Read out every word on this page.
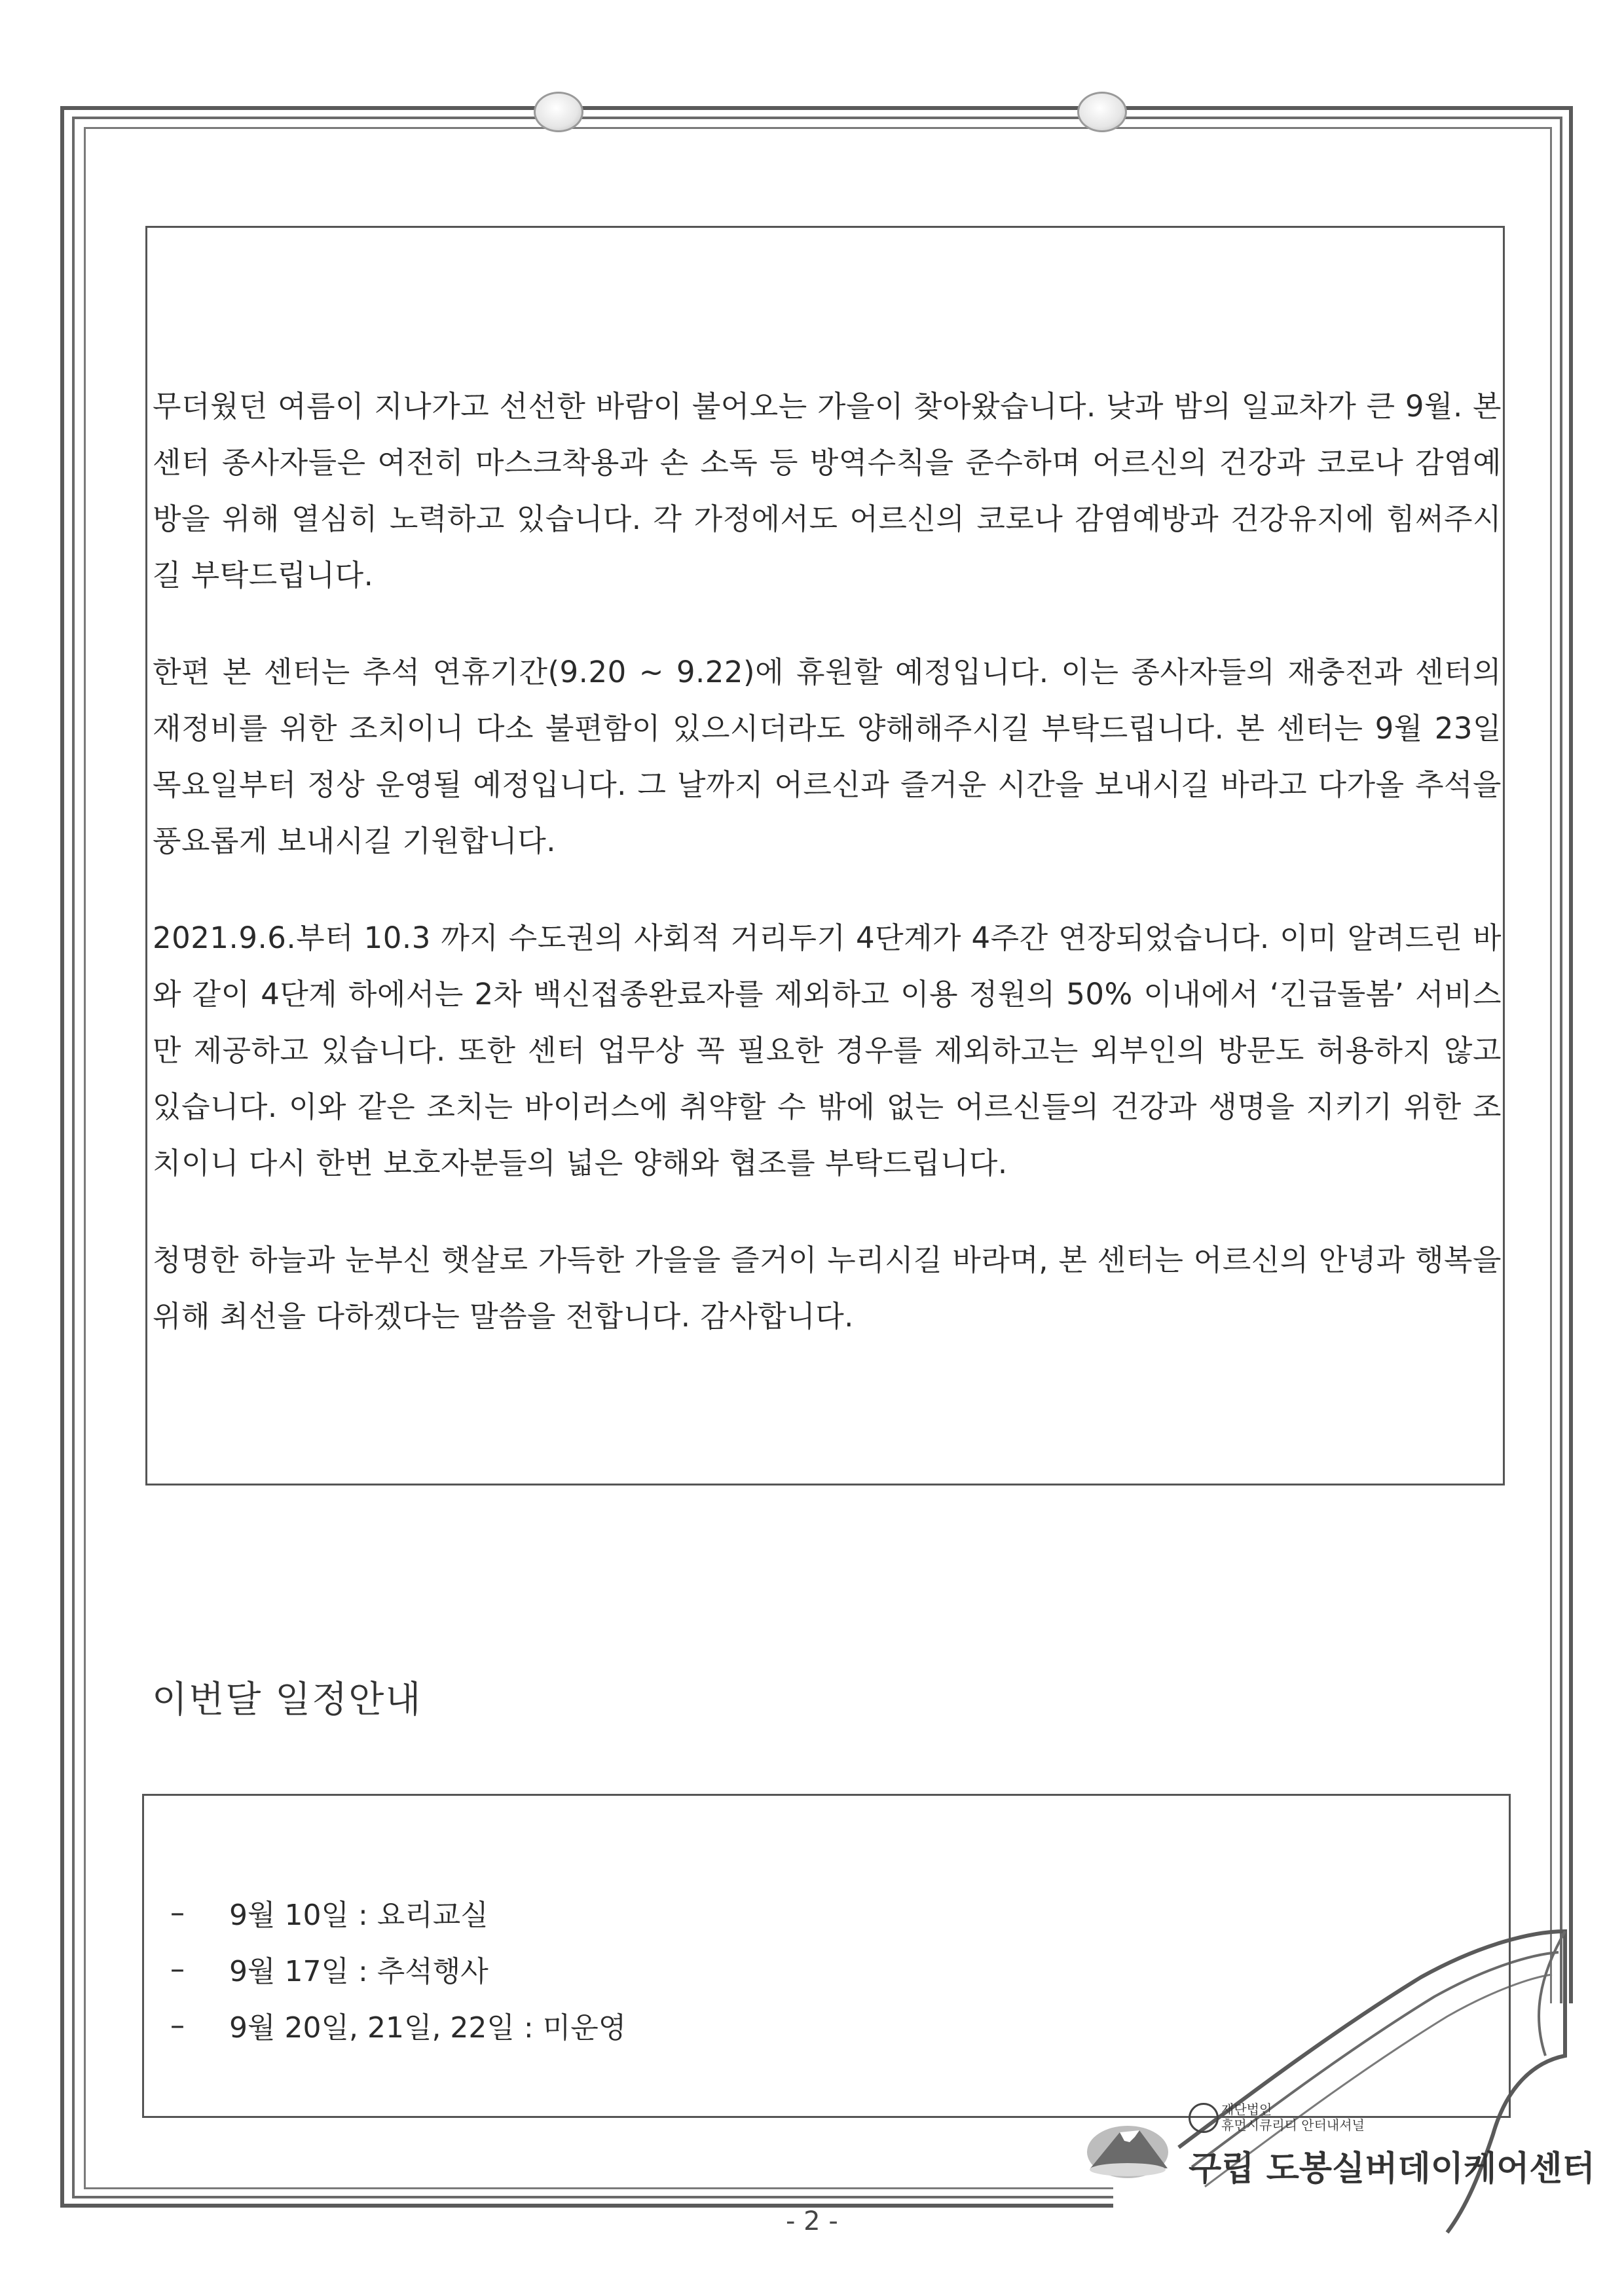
무더웠던 여름이 지나가고 선선한 바람이 불어오는 가을이 찾아왔습니다. 낮과 밤의 일교차가 큰 9월. 본 센터 종사자들은 여전히 마스크착용과 손 소독 등 방역수칙을 준수하며 어르신의 건강과 코로나 감염예방을 위해 열심히 노력하고 있습니다. 각 가정에서도 어르신의 코로나 감염예방과 건강유지에 힘써주시길 부탁드립니다.

한편 본 센터는 추석 연휴기간(9.20 ~ 9.22)에 휴원할 예정입니다. 이는 종사자들의 재충전과 센터의 재정비를 위한 조치이니 다소 불편함이 있으시더라도 양해해주시길 부탁드립니다. 본 센터는 9월 23일 목요일부터 정상 운영될 예정입니다. 그 날까지 어르신과 즐거운 시간을 보내시길 바라고 다가올 추석을 풍요롭게 보내시길 기원합니다.

2021.9.6.부터 10.3 까지 수도권의 사회적 거리두기 4단계가 4주간 연장되었습니다. 이미 알려드린 바와 같이 4단계 하에서는 2차 백신접종완료자를 제외하고 이용 정원의 50% 이내에서 ‘긴급돌봄’ 서비스만 제공하고 있습니다. 또한 센터 업무상 꼭 필요한 경우를 제외하고는 외부인의 방문도 허용하지 않고 있습니다. 이와 같은 조치는 바이러스에 취약할 수 밖에 없는 어르신들의 건강과 생명을 지키기 위한 조치이니 다시 한번 보호자분들의 넓은 양해와 협조를 부탁드립니다.

청명한 하늘과 눈부신 햇살로 가득한 가을을 즐거이 누리시길 바라며, 본 센터는 어르신의 안녕과 행복을 위해 최선을 다하겠다는 말씀을 전합니다. 감사합니다.

이번달 일정안내
–	9월 10일 : 요리교실
–	9월 17일 : 추석행사
–	9월 20일, 21일, 22일 : 미운영
재단법인
휴먼시큐리티 안터내셔널
구립 도봉실버데이케어센터
- 2 -
